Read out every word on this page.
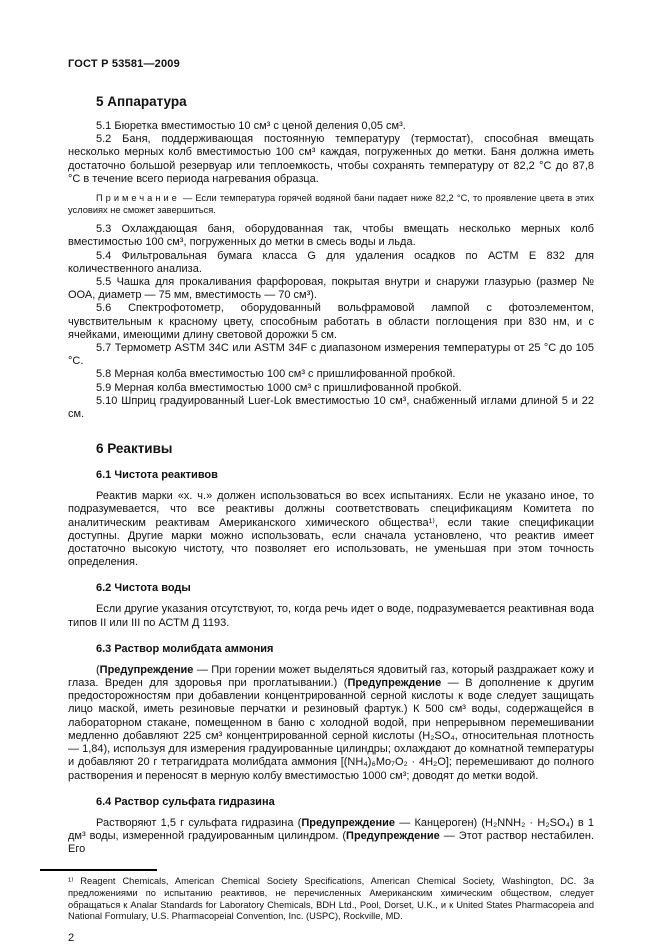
ГОСТ Р 53581—2009
5 Аппаратура
5.1 Бюретка вместимостью 10 см³ с ценой деления 0,05 см³.
5.2 Баня, поддерживающая постоянную температуру (термостат), способная вмещать несколько мерных колб вместимостью 100 см³ каждая, погруженных до метки. Баня должна иметь достаточно большой резервуар или теплоемкость, чтобы сохранять температуру от 82,2 °С до 87,8 °С в течение всего периода нагревания образца.
Примечание — Если температура горячей водяной бани падает ниже 82,2 °С, то проявление цвета в этих условиях не сможет завершиться.
5.3 Охлаждающая баня, оборудованная так, чтобы вмещать несколько мерных колб вместимостью 100 см³, погруженных до метки в смесь воды и льда.
5.4 Фильтровальная бумага класса G для удаления осадков по АСТМ Е 832 для количественного анализа.
5.5 Чашка для прокаливания фарфоровая, покрытая внутри и снаружи глазурью (размер № ООА, диаметр — 75 мм, вместимость — 70 см³).
5.6 Спектрофотометр, оборудованный вольфрамовой лампой с фотоэлементом, чувствительным к красному цвету, способным работать в области поглощения при 830 нм, и с ячейками, имеющими длину световой дорожки 5 см.
5.7 Термометр ASTM 34С или ASTM 34F с диапазоном измерения температуры от 25 °С до 105 °С.
5.8 Мерная колба вместимостью 100 см³ с пришлифованной пробкой.
5.9 Мерная колба вместимостью 1000 см³ с пришлифованной пробкой.
5.10 Шприц градуированный Luer-Lok вместимостью 10 см³, снабженный иглами длиной 5 и 22 см.
6 Реактивы
6.1 Чистота реактивов
Реактив марки «х. ч.» должен использоваться во всех испытаниях. Если не указано иное, то подразумевается, что все реактивы должны соответствовать спецификациям Комитета по аналитическим реактивам Американского химического общества¹⁾, если такие спецификации доступны. Другие марки можно использовать, если сначала установлено, что реактив имеет достаточно высокую чистоту, что позволяет его использовать, не уменьшая при этом точность определения.
6.2 Чистота воды
Если другие указания отсутствуют, то, когда речь идет о воде, подразумевается реактивная вода типов II или III по АСТМ Д 1193.
6.3 Раствор молибдата аммония
(Предупреждение — При горении может выделяться ядовитый газ, который раздражает кожу и глаза. Вреден для здоровья при проглатывании.) (Предупреждение — В дополнение к другим предосторожностям при добавлении концентрированной серной кислоты к воде следует защищать лицо маской, иметь резиновые перчатки и резиновый фартук.) К 500 см³ воды, содержащейся в лабораторном стакане, помещенном в баню с холодной водой, при непрерывном перемешивании медленно добавляют 225 см³ концентрированной серной кислоты (H₂SO₄, относительная плотность — 1,84), используя для измерения градуированные цилиндры; охлаждают до комнатной температуры и добавляют 20 г тетрагидрата молибдата аммония [(NH₄)₆Mo₇O₂ · 4H₂O]; перемешивают до полного растворения и переносят в мерную колбу вместимостью 1000 см³; доводят до метки водой.
6.4 Раствор сульфата гидразина
Растворяют 1,5 г сульфата гидразина (Предупреждение — Канцероген) (H₂NNH₂ · H₂SO₄) в 1 дм³ воды, измеренной градуированным цилиндром. (Предупреждение — Этот раствор нестабилен. Его
¹⁾ Reagent Chemicals, American Chemical Society Specifications, American Chemical Society, Washington, DC. За предложениями по испытанию реактивов, не перечисленных Американским химическим обществом, следует обращаться к Analar Standards for Laboratory Chemicals, BDH Ltd., Pool, Dorset, U.K., и к United States Pharmacopeia and National Formulary, U.S. Pharmacopeial Convention, Inc. (USPC), Rockville, MD.
2
